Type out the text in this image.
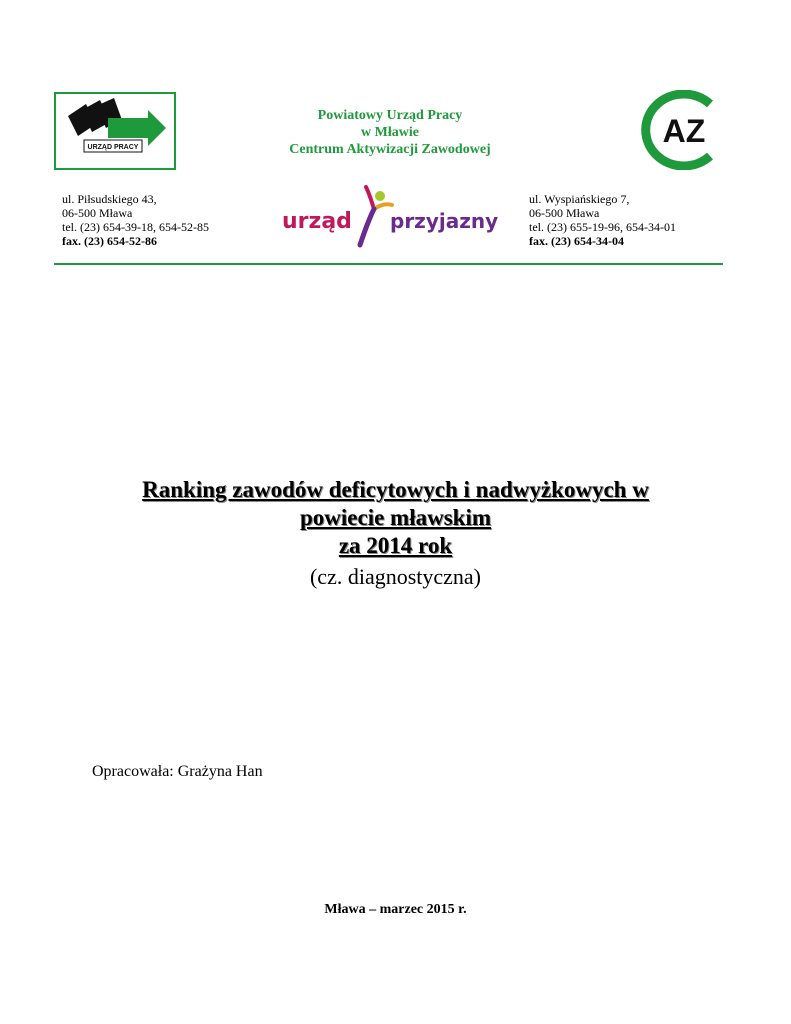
URZĄD PRACY
Powiatowy Urząd Pracy
w Mławie
Centrum Aktywizacji Zawodowej
AZ
ul. Piłsudskiego 43,
06-500 Mława
tel. (23) 654-39-18, 654-52-85
fax. (23) 654-52-86
urząd przyjazny
ul. Wyspiańskiego 7,
06-500 Mława
tel. (23) 655-19-96, 654-34-01
fax. (23) 654-34-04
Ranking zawodów deficytowych i nadwyżkowych w
powiecie mławskim
za 2014 rok
(cz. diagnostyczna)
Opracowała: Grażyna Han
Mława – marzec 2015 r.
